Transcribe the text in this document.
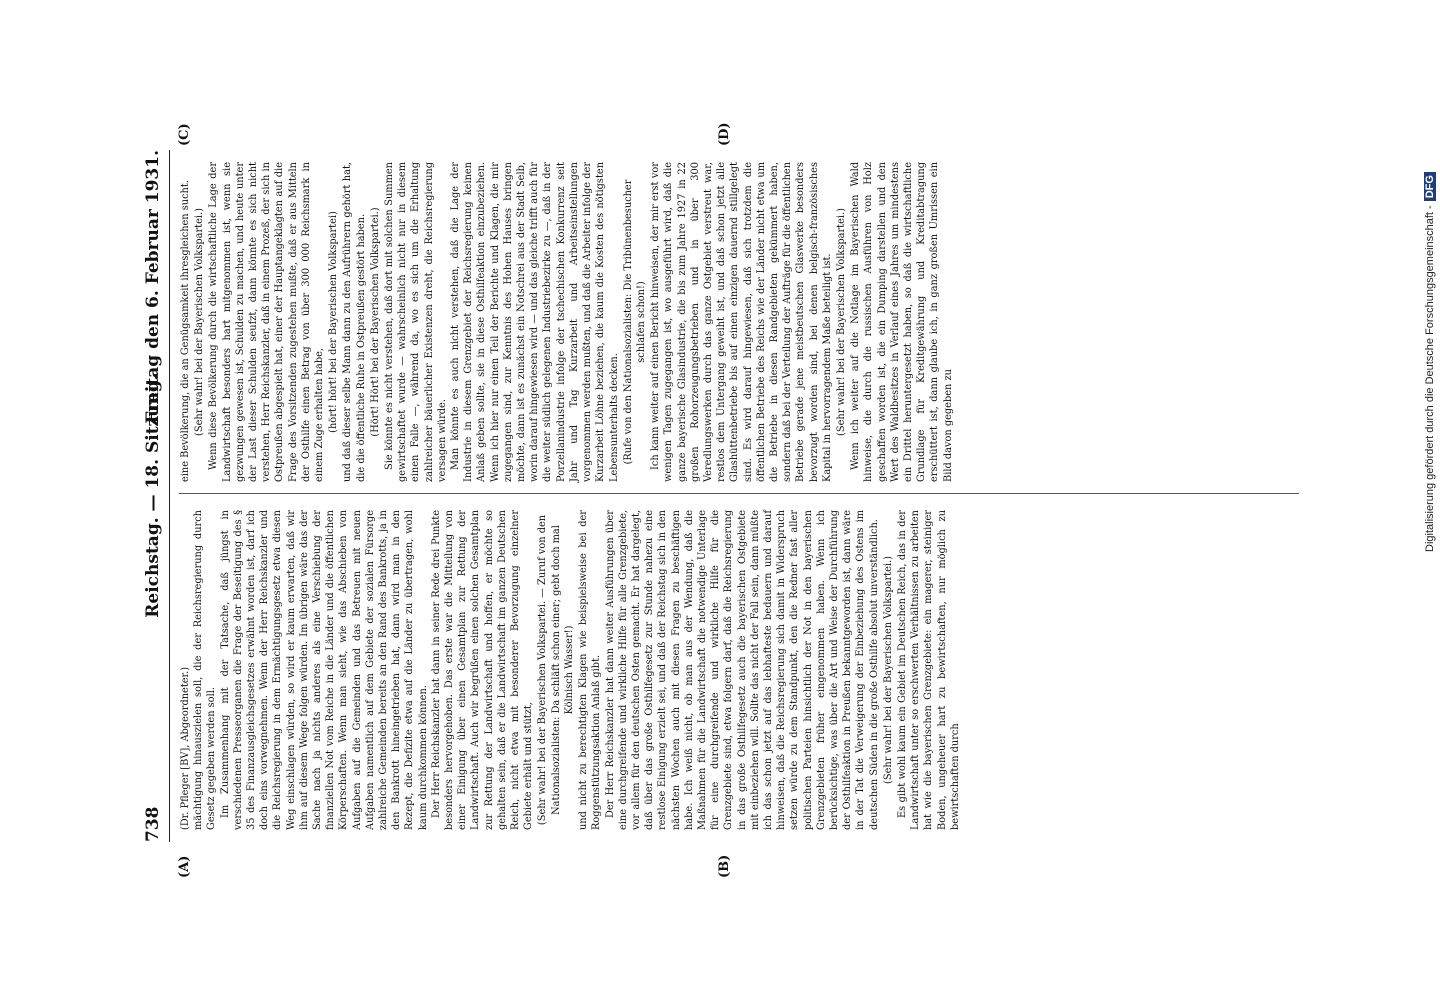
738
Reichstag. — 18. Sitzung.
Freitag den 6. Februar 1931.
(A)	(B)
(C)	(D)

(Dr. Pfleger [BV], Abgeordneter.) mächtigung hinauszielen soll, die der Reichsregierung durch Gesetz gegeben werden soll. Im Zusammenhang mit der Tatsache, daß jüngst in verschiedenen Presseorganen die Frage der Beseitigung des § 35 des Finanzausgleichsgesetzes erwähnt worden ist, darf ich doch eins vorwegnehmen. Wenn der Herr Reichskanzler und die Reichsregierung in dem Ermächtigungsgesetz etwa diesen Weg einschlagen würden, so wird er kaum erwarten, daß wir ihm auf diesem Wege folgen würden. Im übrigen wäre das der Sache nach ja nichts anderes als eine Verschiebung der finanziellen Not vom Reiche in die Länder und die öffentlichen Körperschaften. Wenn man sieht, wie das Abschieben von Aufgaben auf die Gemeinden und das Betreuen mit neuen Aufgaben namentlich auf dem Gebiete der sozialen Fürsorge zahlreiche Gemeinden bereits an den Rand des Bankrotts, ja in den Bankrott hineingetrieben hat, dann wird man in den Rezept, die Defizite etwa auf die Länder zu übertragen, wohl kaum durchkommen können. Der Herr Reichskanzler hat dann in seiner Rede drei Punkte besonders hervorgehoben. Das erste war die Mitteilung von einer Einigung über einen Gesamtplan zur Rettung der Landwirtschaft. Auch wir begrüßen einen solchen Gesamtplan zur Rettung der Landwirtschaft und hoffen, er möchte so gehalten sein, daß er die Landwirtschaft im ganzen Deutschen Reich, nicht etwa mit besonderer Bevorzugung einzelner Gebiete erhält und stützt, (Sehr wahr! bei der Bayerischen Volkspartei. — Zuruf von den Nationalsozialisten: Da schläft schon einer; gebt doch mal Kölnisch Wasser!) und nicht zu berechtigten Klagen wie beispielsweise bei der Roggenstützungsaktion Anlaß gibt. Der Herr Reichskanzler hat dann weiter Ausführungen über eine durchgreifende und wirkliche Hilfe für alle Grenzgebiete, vor allem für den deutschen Osten gemacht. Er hat dargelegt, daß über das große Osthilfegesetz zur Stunde nahezu eine restlose Einigung erzielt sei, und daß der Reichstag sich in den nächsten Wochen auch mit diesen Fragen zu beschäftigen habe. Ich weiß nicht, ob man aus der Wendung, daß die Maßnahmen für die Landwirtschaft die notwendige Unterlage für eine durchgreifende und wirkliche Hilfe für die Grenzgebiete sind, etwa folgern darf, daß die Reichsregierung in das große Osthilfegesetz auch die bayerischen Ostgebiete mit einbeziehen will. Sollte das nicht der Fall sein, dann müßte ich das schon jetzt auf das lebhafteste bedauern und darauf hinweisen, daß die Reichsregierung sich damit in Widerspruch setzen würde zu dem Standpunkt, den die Redner fast aller politischen Parteien hinsichtlich der Not in den bayerischen Grenzgebieten früher eingenommen haben. Wenn ich berücksichtige, was über die Art und Weise der Durchführung der Osthilfeaktion in Preußen bekanntgeworden ist, dann wäre in der Tat die Verweigerung der Einbeziehung des Ostens im deutschen Süden in die große Osthilfe absolut unverständlich. (Sehr wahr! bei der Bayerischen Volkspartei.) Es gibt wohl kaum ein Gebiet im Deutschen Reich, das in der Landwirtschaft unter so erschwerten Verhältnissen zu arbeiten hat wie die bayerischen Grenzgebiete: ein magerer, steiniger Boden, ungeheuer hart zu bewirtschaften, nur möglich zu bewirtschaften durch

eine Bevölkerung, die an Genügsamkeit ihresgleichen sucht. (Sehr wahr! bei der Bayerischen Volkspartei.) Wenn diese Bevölkerung durch die wirtschaftliche Lage der Landwirtschaft besonders hart mitgenommen ist, wenn sie gezwungen gewesen ist, Schulden zu machen, und heute unter der Last dieser Schulden seufzt, dann könnte es sich nicht verstehen, Herr Reichskanzler, daß in einem Prozeß, der sich in Ostpreußen abgespielt hat, einer der Hauptangeklagten auf die Frage des Vorsitzenden zugestehen mußte, daß er aus Mitteln der Osthilfe einen Betrag von über 300 000 Reichsmark in einem Zuge erhalten habe, (hört! hört! bei der Bayerischen Volkspartei) und daß dieser selbe Mann dann zu den Aufrührern gehört hat, die die öffentliche Ruhe in Ostpreußen gestört haben. (Hört! Hört! bei der Bayerischen Volkspartei.) Sie könnte es nicht verstehen, daß dort mit solchen Summen gewirtschaftet wurde — wahrscheinlich nicht nur in diesem einen Falle —, während da, wo es sich um die Erhaltung zahlreicher bäuerlicher Existenzen dreht, die Reichsregierung versagen würde. Man könnte es auch nicht verstehen, daß die Lage der Industrie in diesem Grenzgebiet der Reichsregierung keinen Anlaß geben sollte, sie in diese Osthilfeaktion einzubeziehen. Wenn ich hier nur einen Teil der Berichte und Klagen, die mir zugegangen sind, zur Kenntnis des Hohen Hauses bringen möchte, dann ist es zunächst ein Notschrei aus der Stadt Selb, worin darauf hingewiesen wird — und das gleiche trifft auch für die weiter südlich gelegenen Industriebezirke zu —, daß in der Porzellanindustrie infolge der tschechischen Konkurrenz seit Jahr und Tag Kurzarbeit und Arbeitseinstellungen vorgenommen werden mußten, und daß die Arbeiter infolge der Kurzarbeit Löhne beziehen, die kaum die Kosten des nötigsten Lebensunterhalts decken. (Rufe von den Nationalsozialisten: Die Tribünenbesucher schlafen schon!) Ich kann weiter auf einen Bericht hinweisen, der mir erst vor wenigen Tagen zugegangen ist, wo ausgeführt wird, daß die ganze bayerische Glasindustrie, die bis zum Jahre 1927 in 22 großen Rohorzeugungsbetrieben und in über 300 Veredlungswerken durch das ganze Ostgebiet verstreut war, restlos dem Untergang geweiht ist, und daß schon jetzt alle Glashüttenbetriebe bis auf einen einzigen dauernd stillgelegt sind. Es wird darauf hingewiesen, daß sich trotzdem die öffentlichen Betriebe des Reichs wie der Länder nicht etwa um die Betriebe in diesen Randgebieten gekümmert haben, sondern daß bei der Verteilung der Aufträge für die öffentlichen Betriebe gerade jene meistbeutschen Glaswerke besonders bevorzugt worden sind, bei denen belgisch-französisches Kapital in hervorragendem Maße beteiligt ist. (Sehr wahr! bei der Bayerischen Volkspartei.) Wenn ich weiter auf die Notlage im Bayerischen Wald hinweise, die durch die russischen Ausführen von Holz geschaffen worden ist, die ein Dumping darstellen und den Wert des Waldbesitzes in Verlauf eines Jahres um mindestens ein Drittel heruntergesetzt haben, so daß die wirtschaftliche Grundlage für Kreditgewährung und Kreditabtragung erschüttert ist, dann glaube ich, in ganz großen Umrissen ein Bild davon gegeben zu	Digitalisierung gefördert durch die Deutsche Forschungsgemeinschaft -DFG
